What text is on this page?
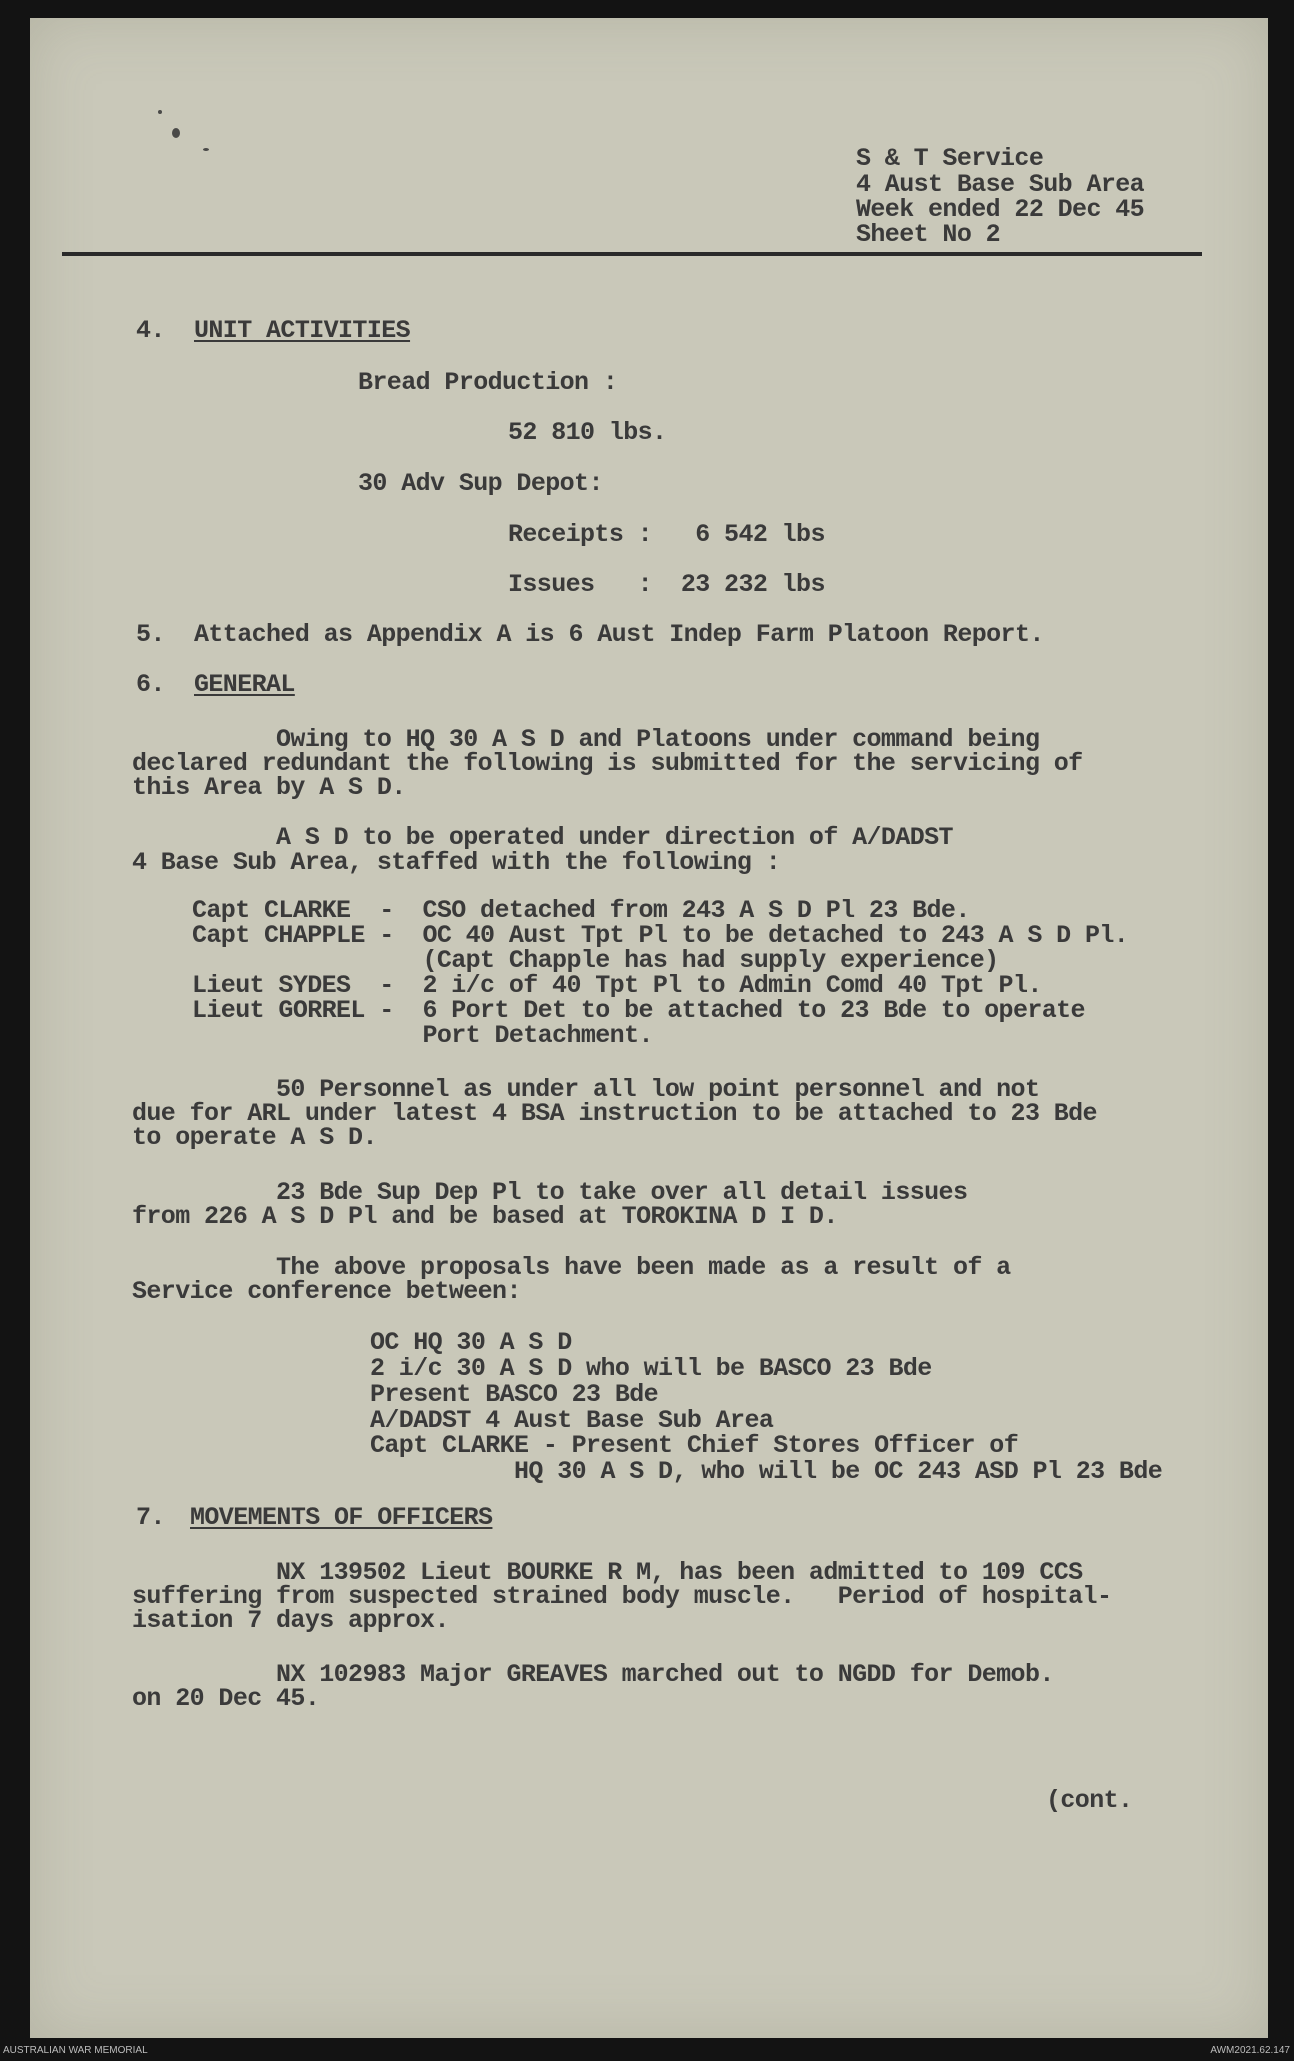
S & T Service
4 Aust Base Sub Area
Week ended 22 Dec 45
Sheet No 2
4. UNIT ACTIVITIES
Bread Production :
52 810 lbs.
30 Adv Sup Depot:
Receipts :   6 542 lbs
Issues   :  23 232 lbs
5. Attached as Appendix A is 6 Aust Indep Farm Platoon Report.
6. GENERAL
Owing to HQ 30 A S D and Platoons under command being
declared redundant the following is submitted for the servicing of
this Area by A S D.
A S D to be operated under direction of A/DADST
4 Base Sub Area, staffed with the following :
Capt CLARKE  -  CSO detached from 243 A S D Pl 23 Bde.
Capt CHAPPLE -  OC 40 Aust Tpt Pl to be detached to 243 A S D Pl.
(Capt Chapple has had supply experience)
Lieut SYDES  -  2 i/c of 40 Tpt Pl to Admin Comd 40 Tpt Pl.
Lieut GORREL -  6 Port Det to be attached to 23 Bde to operate
Port Detachment.
50 Personnel as under all low point personnel and not
due for ARL under latest 4 BSA instruction to be attached to 23 Bde
to operate A S D.
23 Bde Sup Dep Pl to take over all detail issues
from 226 A S D Pl and be based at TOROKINA D I D.
The above proposals have been made as a result of a
Service conference between:
OC HQ 30 A S D
2 i/c 30 A S D who will be BASCO 23 Bde
Present BASCO 23 Bde
A/DADST 4 Aust Base Sub Area
Capt CLARKE - Present Chief Stores Officer of
HQ 30 A S D, who will be OC 243 ASD Pl 23 Bde
7. MOVEMENTS OF OFFICERS
NX 139502 Lieut BOURKE R M, has been admitted to 109 CCS
suffering from suspected strained body muscle.   Period of hospital-
isation 7 days approx.
NX 102983 Major GREAVES marched out to NGDD for Demob.
on 20 Dec 45.
(cont.
AUSTRALIAN WAR MEMORIAL	AWM2021.62.147
